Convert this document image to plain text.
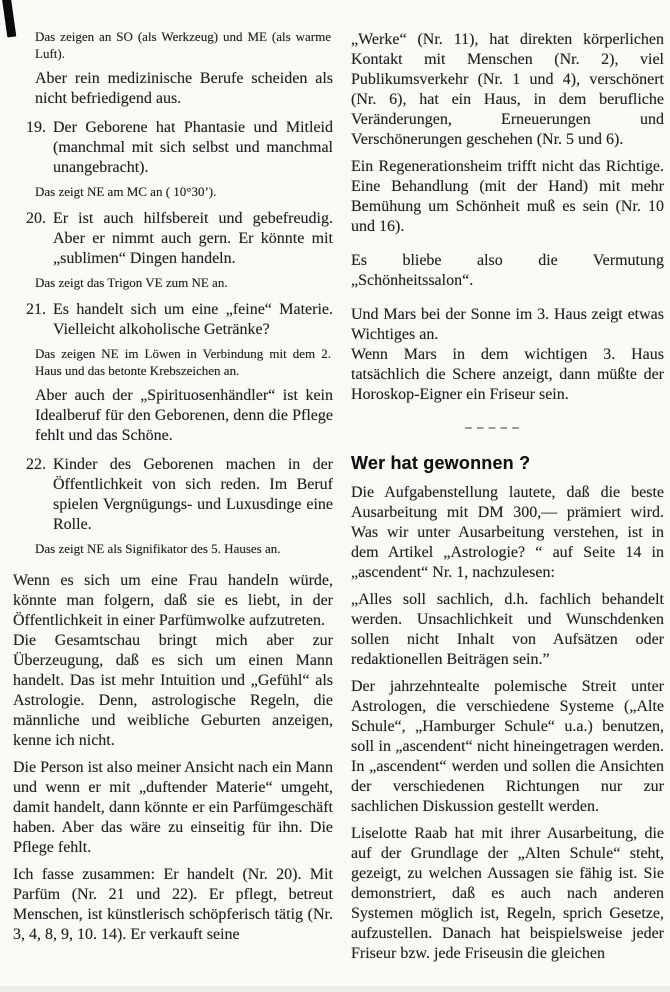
Das zeigen an SO (als Werkzeug) und ME (als warme Luft).

Aber rein medizinische Berufe scheiden als nicht befriedigend aus.

19. Der Geborene hat Phantasie und Mitleid (manchmal mit sich selbst und manchmal unangebracht).

Das zeigt NE am MC an ( 10°30’).

20. Er ist auch hilfsbereit und gebefreudig. Aber er nimmt auch gern. Er könnte mit „sublimen“ Dingen handeln.

Das zeigt das Trigon VE zum NE an.

21. Es handelt sich um eine „feine“ Materie. Vielleicht alkoholische Getränke?

Das zeigen NE im Löwen in Verbindung mit dem 2. Haus und das betonte Krebszeichen an.

Aber auch der „Spirituosenhändler“ ist kein Idealberuf für den Geborenen, denn die Pflege fehlt und das Schöne.

22. Kinder des Geborenen machen in der Öffentlichkeit von sich reden. Im Beruf spielen Vergnügungs- und Luxusdinge eine Rolle.

Das zeigt NE als Signifikator des 5. Hauses an.

Wenn es sich um eine Frau handeln würde, könnte man folgern, daß sie es liebt, in der Öffentlichkeit in einer Parfümwolke aufzutreten.

Die Gesamtschau bringt mich aber zur Überzeugung, daß es sich um einen Mann handelt. Das ist mehr Intuition und „Gefühl“ als Astrologie. Denn, astrologische Regeln, die männliche und weibliche Geburten anzeigen, kenne ich nicht.

Die Person ist also meiner Ansicht nach ein Mann und wenn er mit „duftender Materie“ umgeht, damit handelt, dann könnte er ein Parfümgeschäft haben. Aber das wäre zu einseitig für ihn. Die Pflege fehlt.

Ich fasse zusammen: Er handelt (Nr. 20). Mit Parfüm (Nr. 21 und 22). Er pflegt, betreut Menschen, ist künstlerisch schöpferisch tätig (Nr. 3, 4, 8, 9, 10. 14). Er verkauft seine

„Werke“ (Nr. 11), hat direkten körperlichen Kontakt mit Menschen (Nr. 2), viel Publikumsverkehr (Nr. 1 und 4), verschönert (Nr. 6), hat ein Haus, in dem berufliche Veränderungen, Erneuerungen und Verschönerungen geschehen (Nr. 5 und 6).

Ein Regenerationsheim trifft nicht das Richtige. Eine Behandlung (mit der Hand) mit mehr Bemühung um Schönheit muß es sein (Nr. 10 und 16).

Es bliebe also die Vermutung „Schönheitssalon“.

Und Mars bei der Sonne im 3. Haus zeigt etwas Wichtiges an.

Wenn Mars in dem wichtigen 3. Haus tatsächlich die Schere anzeigt, dann müßte der Horoskop-Eigner ein Friseur sein.

– – – – –
Wer hat gewonnen ?

Die Aufgabenstellung lautete, daß die beste Ausarbeitung mit DM 300,— prämiert wird. Was wir unter Ausarbeitung verstehen, ist in dem Artikel „Astrologie? “ auf Seite 14 in „ascendent“ Nr. 1, nachzulesen:

„Alles soll sachlich, d.h. fachlich behandelt werden. Unsachlichkeit und Wunschdenken sollen nicht Inhalt von Aufsätzen oder redaktionellen Beiträgen sein.”

Der jahrzehntealte polemische Streit unter Astrologen, die verschiedene Systeme („Alte Schule“, „Hamburger Schule“ u.a.) benutzen, soll in „ascendent“ nicht hineingetragen werden. In „ascendent“ werden und sollen die Ansichten der verschiedenen Richtungen nur zur sachlichen Diskussion gestellt werden.

Liselotte Raab hat mit ihrer Ausarbeitung, die auf der Grundlage der „Alten Schule“ steht, gezeigt, zu welchen Aussagen sie fähig ist. Sie demonstriert, daß es auch nach anderen Systemen möglich ist, Regeln, sprich Gesetze, aufzustellen. Danach hat beispielsweise jeder Friseur bzw. jede Friseusin die gleichen
